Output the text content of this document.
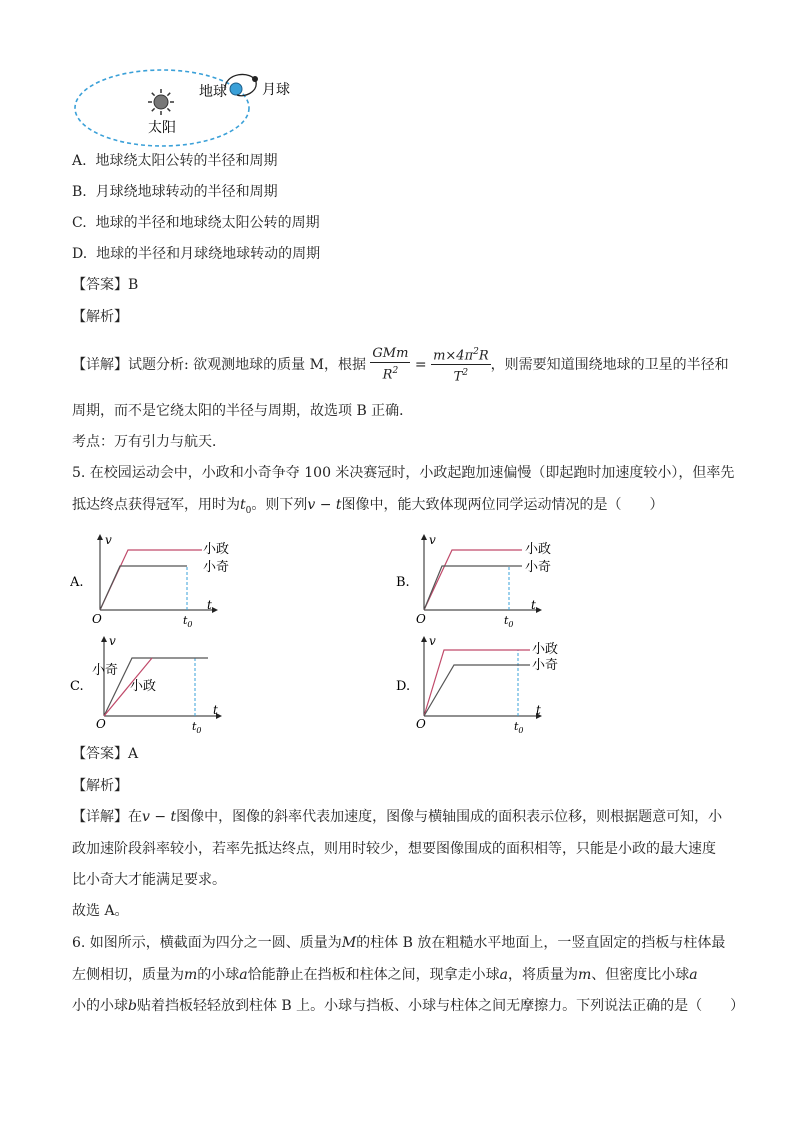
太阳
地球	月球
A. 地球绕太阳公转的半径和周期
B. 月球绕地球转动的半径和周期
C. 地球的半径和地球绕太阳公转的周期
D. 地球的半径和月球绕地球转动的周期
【答案】B
【解析】
【详解】试题分析: 欲观测地球的质量 M，根据 $\frac{\text{GMm}}{R^2} = \frac{m\times 4\pi^2R}{T^2}$ ，则需要知道围绕地球的卫星的半径和
周期，而不是它绕太阳的半径与周期，故选项 B 正确．
考点：万有引力与航天．
5. 在校园运动会中，小政和小奇争夺 100 米决赛冠时，小政起跑加速偏慢（即起跑时加速度较小），但率先
抵达终点获得冠军，用时为$t_0$。则下列v − t图像中，能大致体现两位同学运动情况的是（　　）
A.
v
t
O	$t_0$
小政
小奇
B.
v
t
O	$t_0$
小政
小奇
C.
v
t
O	$t_0$
小奇
小政	D.
v
t
O	$t_0$
小政
小奇
【答案】A
【解析】
【详解】在v − t图像中，图像的斜率代表加速度，图像与横轴围成的面积表示位移，则根据题意可知，小
政加速阶段斜率较小，若率先抵达终点，则用时较少，想要图像围成的面积相等，只能是小政的最大速度
比小奇大才能满足要求。
故选 A。
6. 如图所示，横截面为四分之一圆、质量为M的柱体 B 放在粗糙水平地面上，一竖直固定的挡板与柱体最
左侧相切，质量为m的小球a恰能静止在挡板和柱体之间，现拿走小球a，将质量为m、但密度比小球a
小的小球b贴着挡板轻轻放到柱体 B 上。小球与挡板、小球与柱体之间无摩擦力。下列说法正确的是（　　）
